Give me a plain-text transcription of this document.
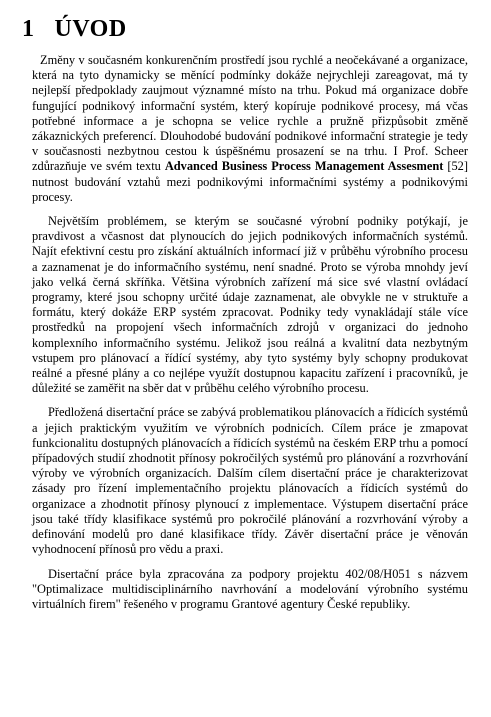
1 ÚVOD

Změny v současném konkurenčním prostředí jsou rychlé a neočekávané a organizace, která na tyto dynamicky se měnící podmínky dokáže nejrychleji zareagovat, má ty nejlepší předpoklady zaujmout významné místo na trhu. Pokud má organizace dobře fungující podnikový informační systém, který kopíruje podnikové procesy, má včas potřebné informace a je schopna se velice rychle a pružně přizpůsobit změně zákaznických preferencí. Dlouhodobé budování podnikové informační strategie je tedy v současnosti nezbytnou cestou k úspěšnému prosazení se na trhu. I Prof. Scheer zdůrazňuje ve svém textu Advanced Business Process Management Assesment [52] nutnost budování vztahů mezi podnikovými informačními systémy a podnikovými procesy.

Největším problémem, se kterým se současné výrobní podniky potýkají, je pravdivost a včasnost dat plynoucích do jejich podnikových informačních systémů. Najít efektivní cestu pro získání aktuálních informací již v průběhu výrobního procesu a zaznamenat je do informačního systému, není snadné. Proto se výroba mnohdy jeví jako velká černá skříňka. Většina výrobních zařízení má sice své vlastní ovládací programy, které jsou schopny určité údaje zaznamenat, ale obvykle ne v struktuře a formátu, který dokáže ERP systém zpracovat. Podniky tedy vynakládají stále více prostředků na propojení všech informačních zdrojů v organizaci do jednoho komplexního informačního systému. Jelikož jsou reálná a kvalitní data nezbytným vstupem pro plánovací a řídící systémy, aby tyto systémy byly schopny produkovat reálné a přesné plány a co nejlépe využít dostupnou kapacitu zařízení i pracovníků, je důležité se zaměřit na sběr dat v průběhu celého výrobního procesu.

Předložená disertační práce se zabývá problematikou plánovacích a řídicích systémů a jejich praktickým využitím ve výrobních podnicích. Cílem práce je zmapovat funkcionalitu dostupných plánovacích a řídicích systémů na českém ERP trhu a pomocí případových studií zhodnotit přínosy pokročilých systémů pro plánování a rozvrhování výroby ve výrobních organizacích. Dalším cílem disertační práce je charakterizovat zásady pro řízení implementačního projektu plánovacích a řídicích systémů do organizace a zhodnotit přínosy plynoucí z implementace. Výstupem disertační práce jsou také třídy klasifikace systémů pro pokročilé plánování a rozvrhování výroby a definování modelů pro dané klasifikace třídy. Závěr disertační práce je věnován vyhodnocení přínosů pro vědu a praxi.

Disertační práce byla zpracována za podpory projektu 402/08/H051 s názvem "Optimalizace multidisciplinárního navrhování a modelování výrobního systému virtuálních firem" řešeného v programu Grantové agentury České republiky.
